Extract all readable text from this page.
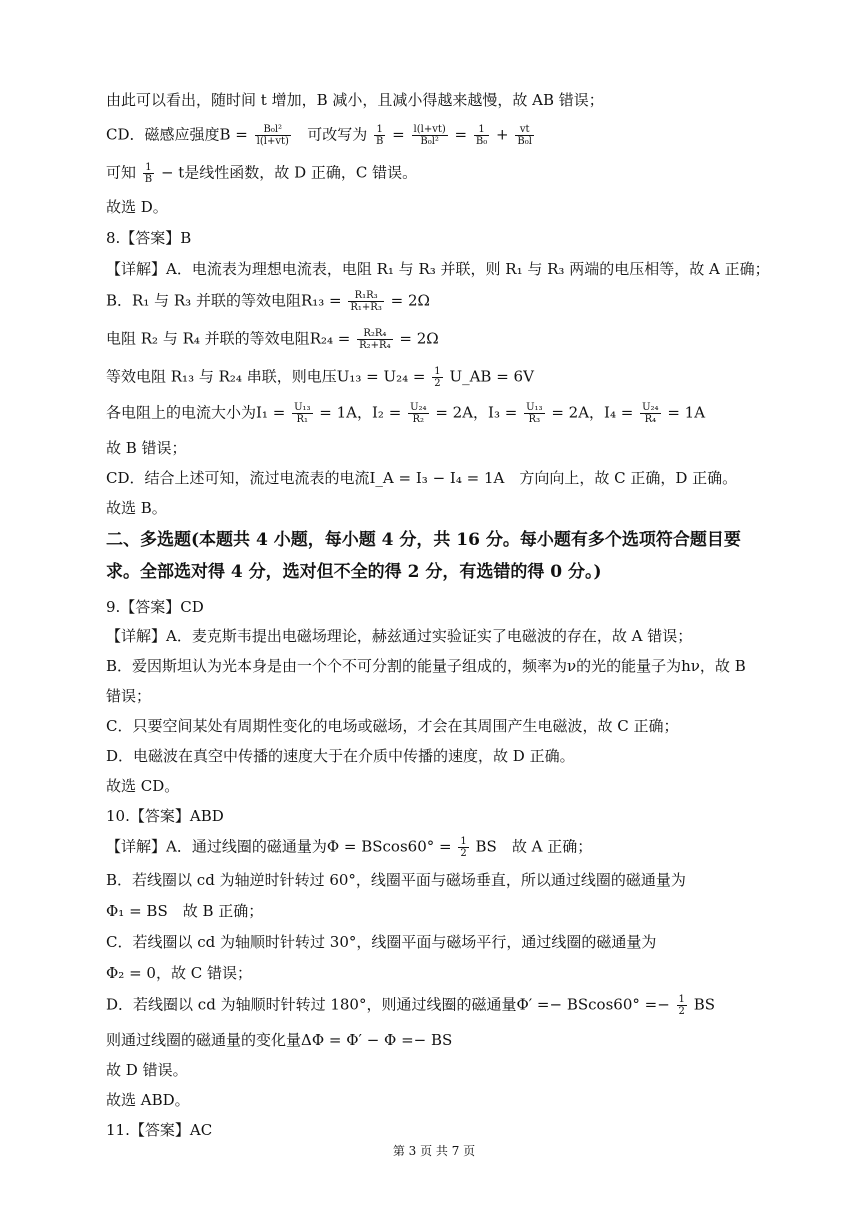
由此可以看出，随时间 t 增加，B 减小，且减小得越来越慢，故 AB 错误；
CD．磁感应强度$B = \frac{\text{B₀l²}}{l(l+vt)}$ 可改写为 $\frac{1}{B} = \frac{l(l+vt)}{\text{B₀l²}} = \frac{1}{\text{B₀}} + \frac{vt}{\text{B₀l}}$
可知 $\frac{1}{B} - t$是线性函数，故 D 正确，C 错误。
故选 D。
8.【答案】B
【详解】A．电流表为理想电流表，电阻 R₁ 与 R₃ 并联，则 R₁ 与 R₃ 两端的电压相等，故 A 正确；
B．R₁ 与 R₃ 并联的等效电阻$R_{13} = \frac{\text{R₁R₃}}{\text{R₁+R₃}} = 2\Omega$
电阻 R₂ 与 R₄ 并联的等效电阻$R_{24} = \frac{\text{R₂R₄}}{\text{R₂+R₄}} = 2\Omega$
等效电阻 R₁₃ 与 R₂₄ 串联，则电压$U_{13} = U_{24} = \frac{1}{2}$ U_AB = 6V
各电阻上的电流大小为$I_1 = \frac{\text{U₁₃}}{\text{R₁}} = 1A$，$I_2 = \frac{\text{U₂₄}}{\text{R₂}} = 2A$，$I_3 = \frac{\text{U₁₃}}{\text{R₃}} = 2A$，$I_4 = \frac{\text{U₂₄}}{\text{R₄}} = 1A$
故 B 错误；
CD．结合上述可知，流过电流表的电流I_A = I₃ − I₄ = 1A　方向向上，故 C 正确，D 正确。
故选 B。
二、多选题(本题共 4 小题，每小题 4 分，共 16 分。每小题有多个选项符合题目要求。全部选对得 4 分，选对但不全的得 2 分，有选错的得 0 分。)
9.【答案】CD
【详解】A．麦克斯韦提出电磁场理论，赫兹通过实验证实了电磁波的存在，故 A 错误；
B．爱因斯坦认为光本身是由一个个不可分割的能量子组成的，频率为ν的光的能量子为hν，故 B
错误；
C．只要空间某处有周期性变化的电场或磁场，才会在其周围产生电磁波，故 C 正确；
D．电磁波在真空中传播的速度大于在介质中传播的速度，故 D 正确。
故选 CD。
10.【答案】ABD
【详解】A．通过线圈的磁通量为$\Phi = BScos60^\circ = \frac{1}{2}$ BS　故 A 正确；
B．若线圈以 cd 为轴逆时针转过 60°，线圈平面与磁场垂直，所以通过线圈的磁通量为
Φ₁ = BS　故 B 正确；
C．若线圈以 cd 为轴顺时针转过 30°，线圈平面与磁场平行，通过线圈的磁通量为
Φ₂ = 0，故 C 错误；
D．若线圈以 cd 为轴顺时针转过 180°，则通过线圈的磁通量$\Phi' =- BScos60^\circ =- \frac{1}{2}$ BS
则通过线圈的磁通量的变化量ΔΦ = Φ′ − Φ =− BS
故 D 错误。
故选 ABD。
11.【答案】AC
第 3 页 共 7 页
